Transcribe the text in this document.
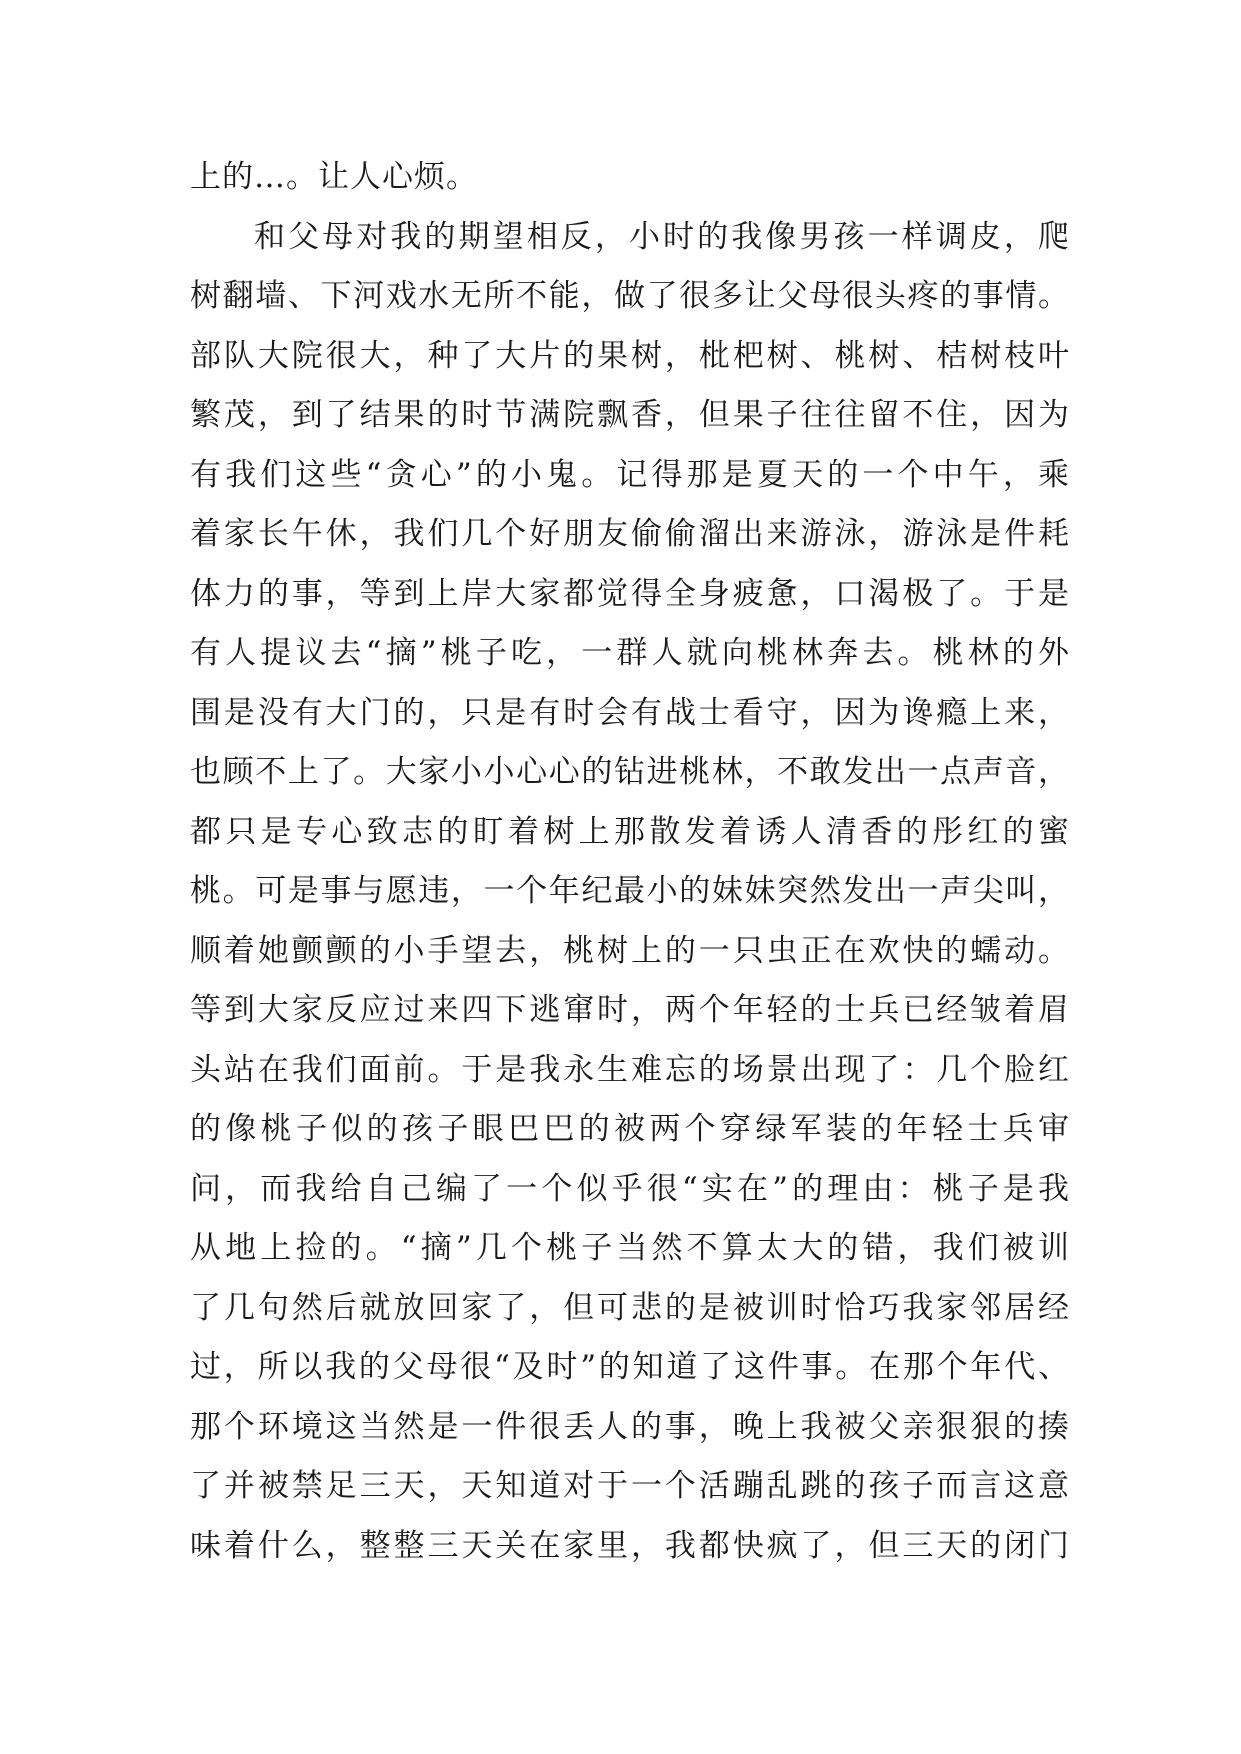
上的…。让人心烦。
和父母对我的期望相反，小时的我像男孩一样调皮，爬
树翻墙、下河戏水无所不能，做了很多让父母很头疼的事情。
部队大院很大，种了大片的果树，枇杷树、桃树、桔树枝叶
繁茂，到了结果的时节满院飘香，但果子往往留不住，因为
有我们这些“贪心”的小鬼。记得那是夏天的一个中午，乘
着家长午休，我们几个好朋友偷偷溜出来游泳，游泳是件耗
体力的事，等到上岸大家都觉得全身疲惫，口渴极了。于是
有人提议去“摘”桃子吃，一群人就向桃林奔去。桃林的外
围是没有大门的，只是有时会有战士看守，因为谗瘾上来，
也顾不上了。大家小小心心的钻进桃林，不敢发出一点声音，
都只是专心致志的盯着树上那散发着诱人清香的彤红的蜜
桃。可是事与愿违，一个年纪最小的妹妹突然发出一声尖叫，
顺着她颤颤的小手望去，桃树上的一只虫正在欢快的蠕动。
等到大家反应过来四下逃窜时，两个年轻的士兵已经皱着眉
头站在我们面前。于是我永生难忘的场景出现了：几个脸红
的像桃子似的孩子眼巴巴的被两个穿绿军装的年轻士兵审
问，而我给自己编了一个似乎很“实在”的理由：桃子是我
从地上捡的。“摘”几个桃子当然不算太大的错，我们被训
了几句然后就放回家了，但可悲的是被训时恰巧我家邻居经
过，所以我的父母很“及时”的知道了这件事。在那个年代、
那个环境这当然是一件很丢人的事，晚上我被父亲狠狠的揍
了并被禁足三天，天知道对于一个活蹦乱跳的孩子而言这意
味着什么，整整三天关在家里，我都快疯了，但三天的闭门
